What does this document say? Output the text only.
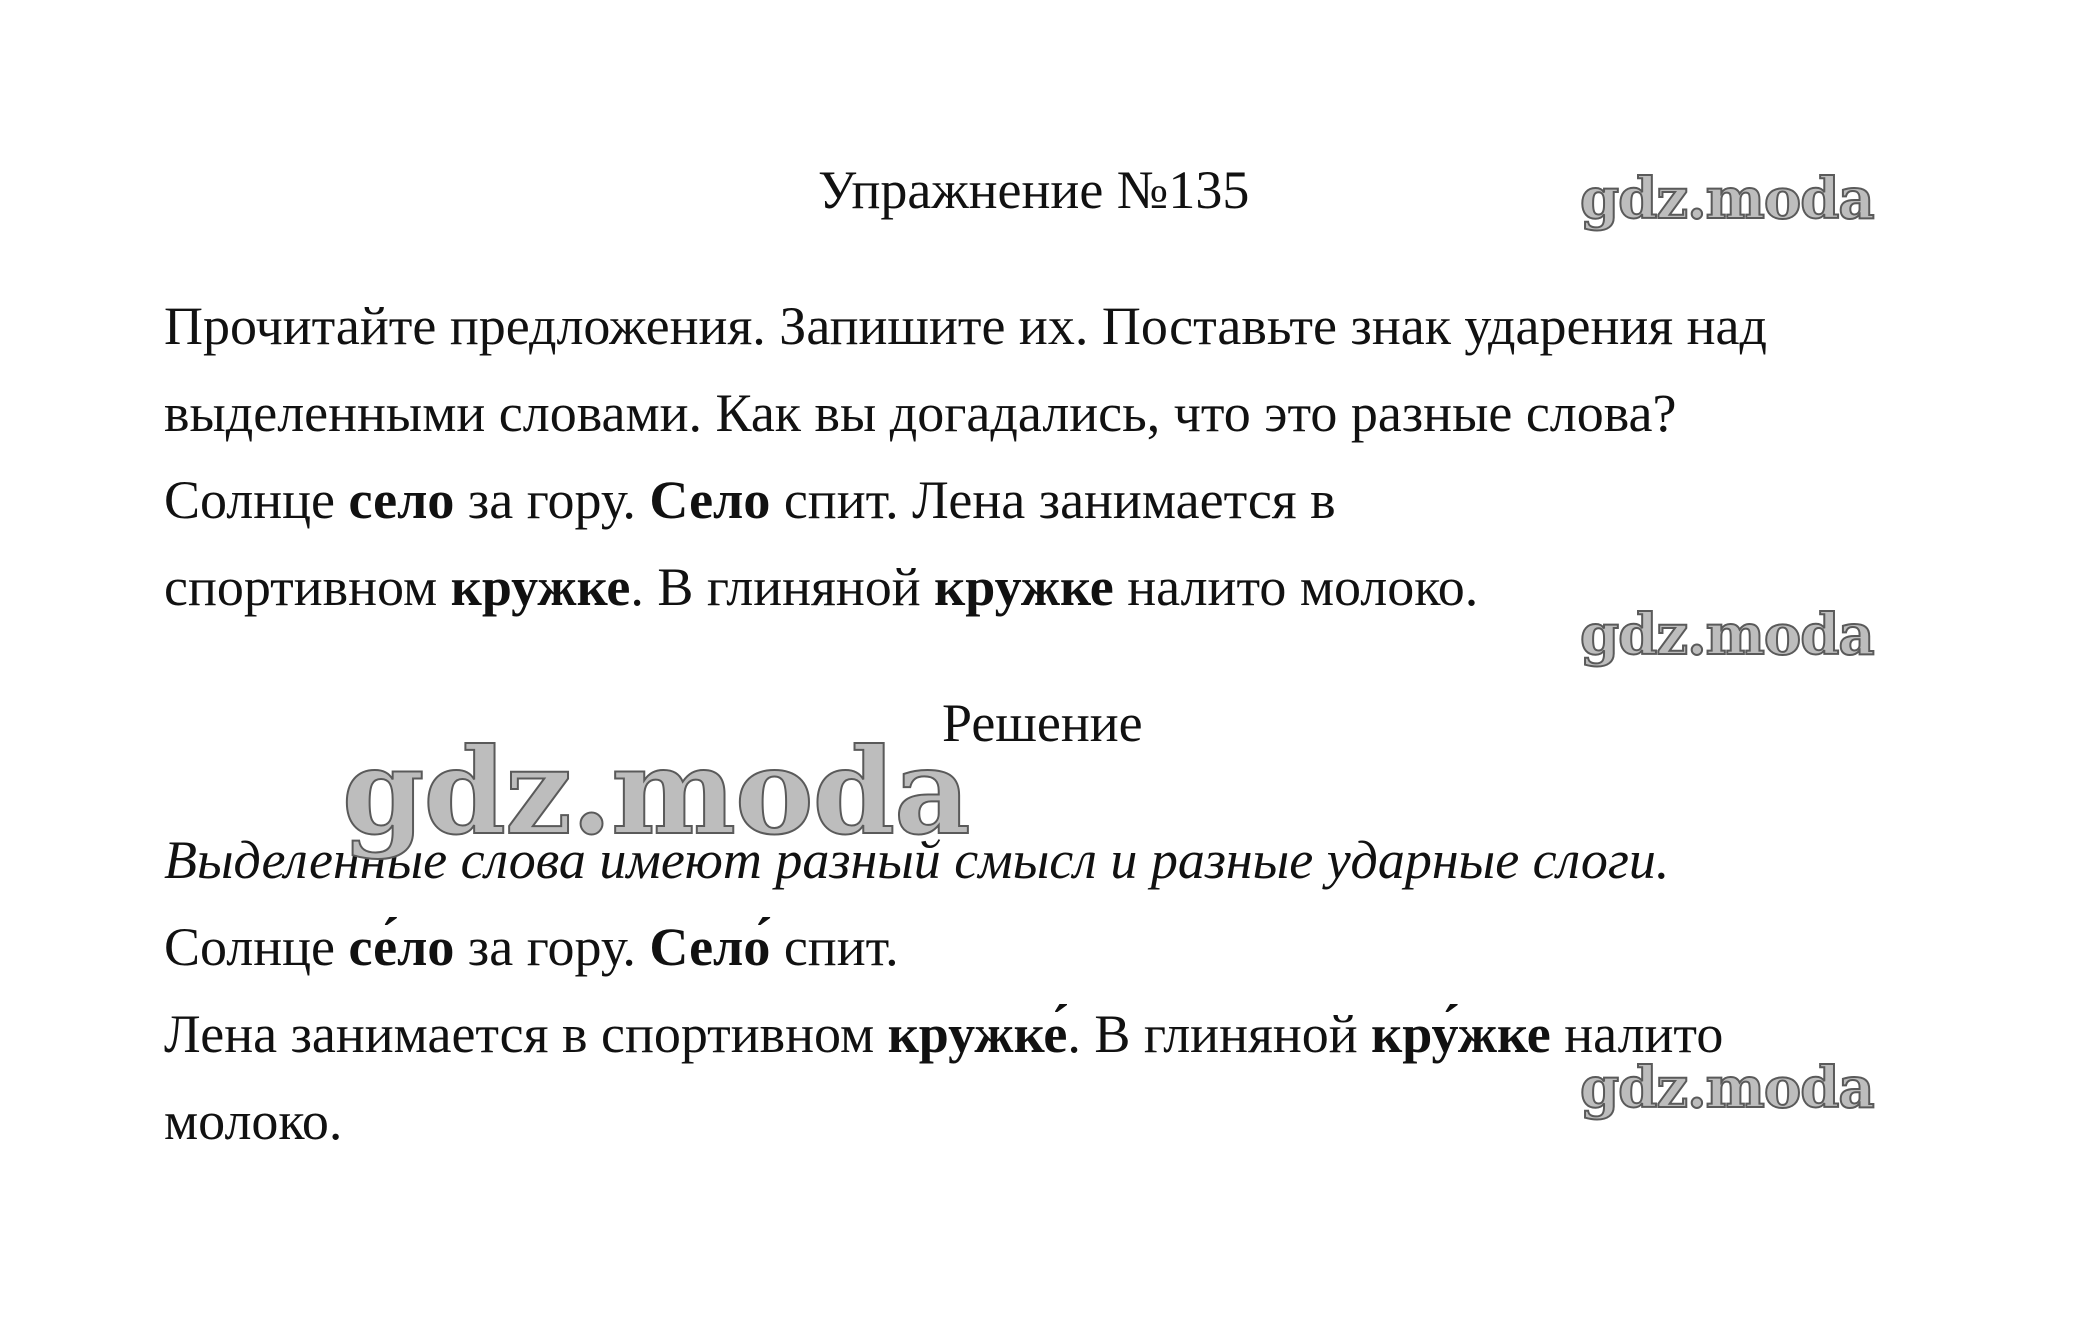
Упражнение №135
Прочитайте предложения. Запишите их. Поставьте знак ударения над
выделенными словами. Как вы догадались, что это разные слова?
Солнце село за гору. Село спит. Лена занимается в
спортивном кружке. В глиняной кружке налито молоко.
Решение
Выделенные слова имеют разный смысл и разные ударные слоги.
Солнце се́ло за гору. Село́ спит.
Лена занимается в спортивном кружке́. В глиняной кру́жке налито
молоко.
gdz.moda
gdz.moda
gdz.moda
gdz.moda
